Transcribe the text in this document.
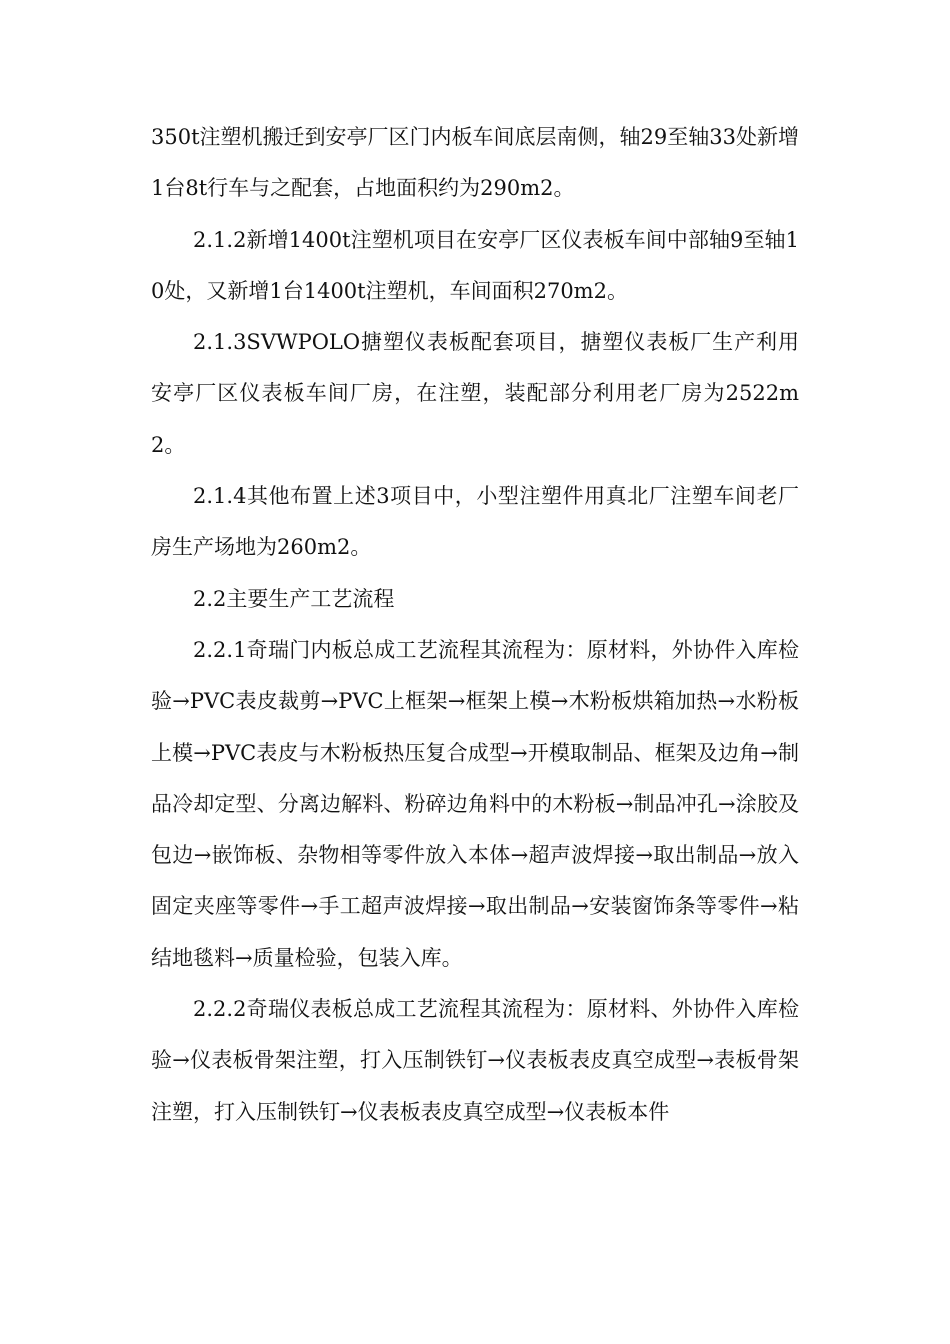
350t注塑机搬迁到安亭厂区门内板车间底层南侧，轴29至轴33处新增1台8t行车与之配套，占地面积约为290m2。

2.1.2新增1400t注塑机项目在安亭厂区仪表板车间中部轴9至轴10处，又新增1台1400t注塑机，车间面积270m2。

2.1.3SVWPOLO搪塑仪表板配套项目，搪塑仪表板厂生产利用安亭厂区仪表板车间厂房，在注塑，装配部分利用老厂房为2522m2。

2.1.4其他布置上述3项目中，小型注塑件用真北厂注塑车间老厂房生产场地为260m2。

2.2主要生产工艺流程

2.2.1奇瑞门内板总成工艺流程其流程为：原材料，外协件入库检验→PVC表皮裁剪→PVC上框架→框架上模→木粉板烘箱加热→水粉板上模→PVC表皮与木粉板热压复合成型→开模取制品、框架及边角→制品冷却定型、分离边解料、粉碎边角料中的木粉板→制品冲孔→涂胶及包边→嵌饰板、杂物相等零件放入本体→超声波焊接→取出制品→放入固定夹座等零件→手工超声波焊接→取出制品→安装窗饰条等零件→粘结地毯料→质量检验，包装入库。

2.2.2奇瑞仪表板总成工艺流程其流程为：原材料、外协件入库检验→仪表板骨架注塑，打入压制铁钉→仪表板表皮真空成型→表板骨架注塑，打入压制铁钉→仪表板表皮真空成型→仪表板本件
